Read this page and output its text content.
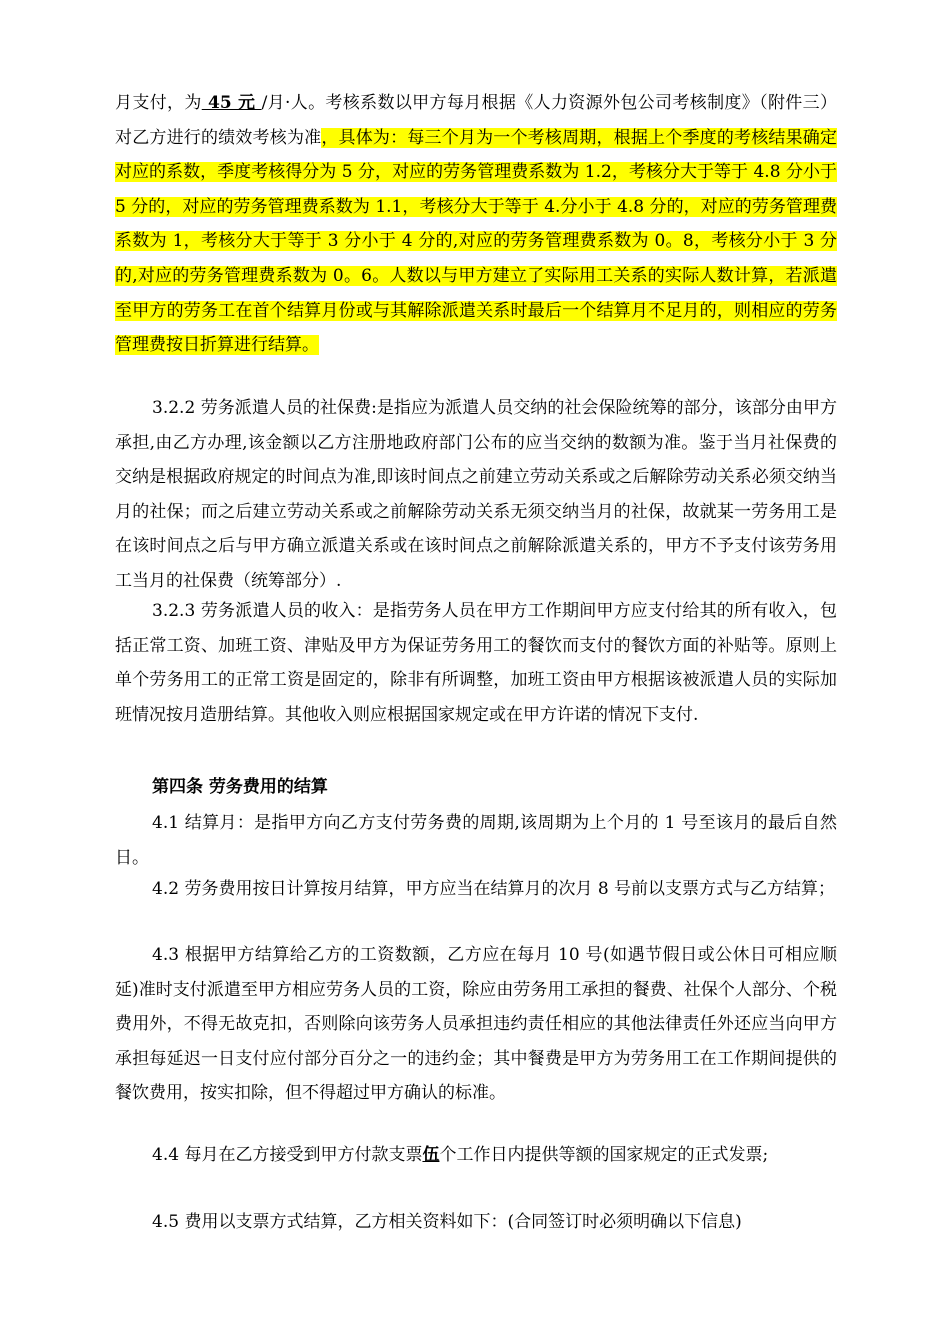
月支付，为 45 元 /月·人。考核系数以甲方每月根据《人力资源外包公司考核制度》（附件三）对乙方进行的绩效考核为准，具体为：每三个月为一个考核周期，根据上个季度的考核结果确定对应的系数，季度考核得分为 5 分，对应的劳务管理费系数为 1.2，考核分大于等于 4.8 分小于 5 分的，对应的劳务管理费系数为 1.1，考核分大于等于 4.分小于 4.8 分的，对应的劳务管理费系数为 1，考核分大于等于 3 分小于 4 分的,对应的劳务管理费系数为 0。8，考核分小于 3 分的,对应的劳务管理费系数为 0。6。人数以与甲方建立了实际用工关系的实际人数计算，若派遣至甲方的劳务工在首个结算月份或与其解除派遣关系时最后一个结算月不足月的，则相应的劳务管理费按日折算进行结算。
3.2.2 劳务派遣人员的社保费:是指应为派遣人员交纳的社会保险统筹的部分，该部分由甲方承担,由乙方办理,该金额以乙方注册地政府部门公布的应当交纳的数额为准。鉴于当月社保费的交纳是根据政府规定的时间点为准,即该时间点之前建立劳动关系或之后解除劳动关系必须交纳当月的社保；而之后建立劳动关系或之前解除劳动关系无须交纳当月的社保，故就某一劳务用工是在该时间点之后与甲方确立派遣关系或在该时间点之前解除派遣关系的，甲方不予支付该劳务用工当月的社保费（统筹部分）.
3.2.3 劳务派遣人员的收入：是指劳务人员在甲方工作期间甲方应支付给其的所有收入，包括正常工资、加班工资、津贴及甲方为保证劳务用工的餐饮而支付的餐饮方面的补贴等。原则上单个劳务用工的正常工资是固定的，除非有所调整，加班工资由甲方根据该被派遣人员的实际加班情况按月造册结算。其他收入则应根据国家规定或在甲方许诺的情况下支付.
第四条 劳务费用的结算
4.1 结算月：是指甲方向乙方支付劳务费的周期,该周期为上个月的 1 号至该月的最后自然日。
4.2 劳务费用按日计算按月结算，甲方应当在结算月的次月 8 号前以支票方式与乙方结算；
4.3 根据甲方结算给乙方的工资数额，乙方应在每月 10 号(如遇节假日或公休日可相应顺延)准时支付派遣至甲方相应劳务人员的工资，除应由劳务用工承担的餐费、社保个人部分、个税费用外，不得无故克扣，否则除向该劳务人员承担违约责任相应的其他法律责任外还应当向甲方承担每延迟一日支付应付部分百分之一的违约金；其中餐费是甲方为劳务用工在工作期间提供的餐饮费用，按实扣除，但不得超过甲方确认的标准。
4.4 每月在乙方接受到甲方付款支票伍个工作日内提供等额的国家规定的正式发票;
4.5 费用以支票方式结算，乙方相关资料如下：(合同签订时必须明确以下信息)
